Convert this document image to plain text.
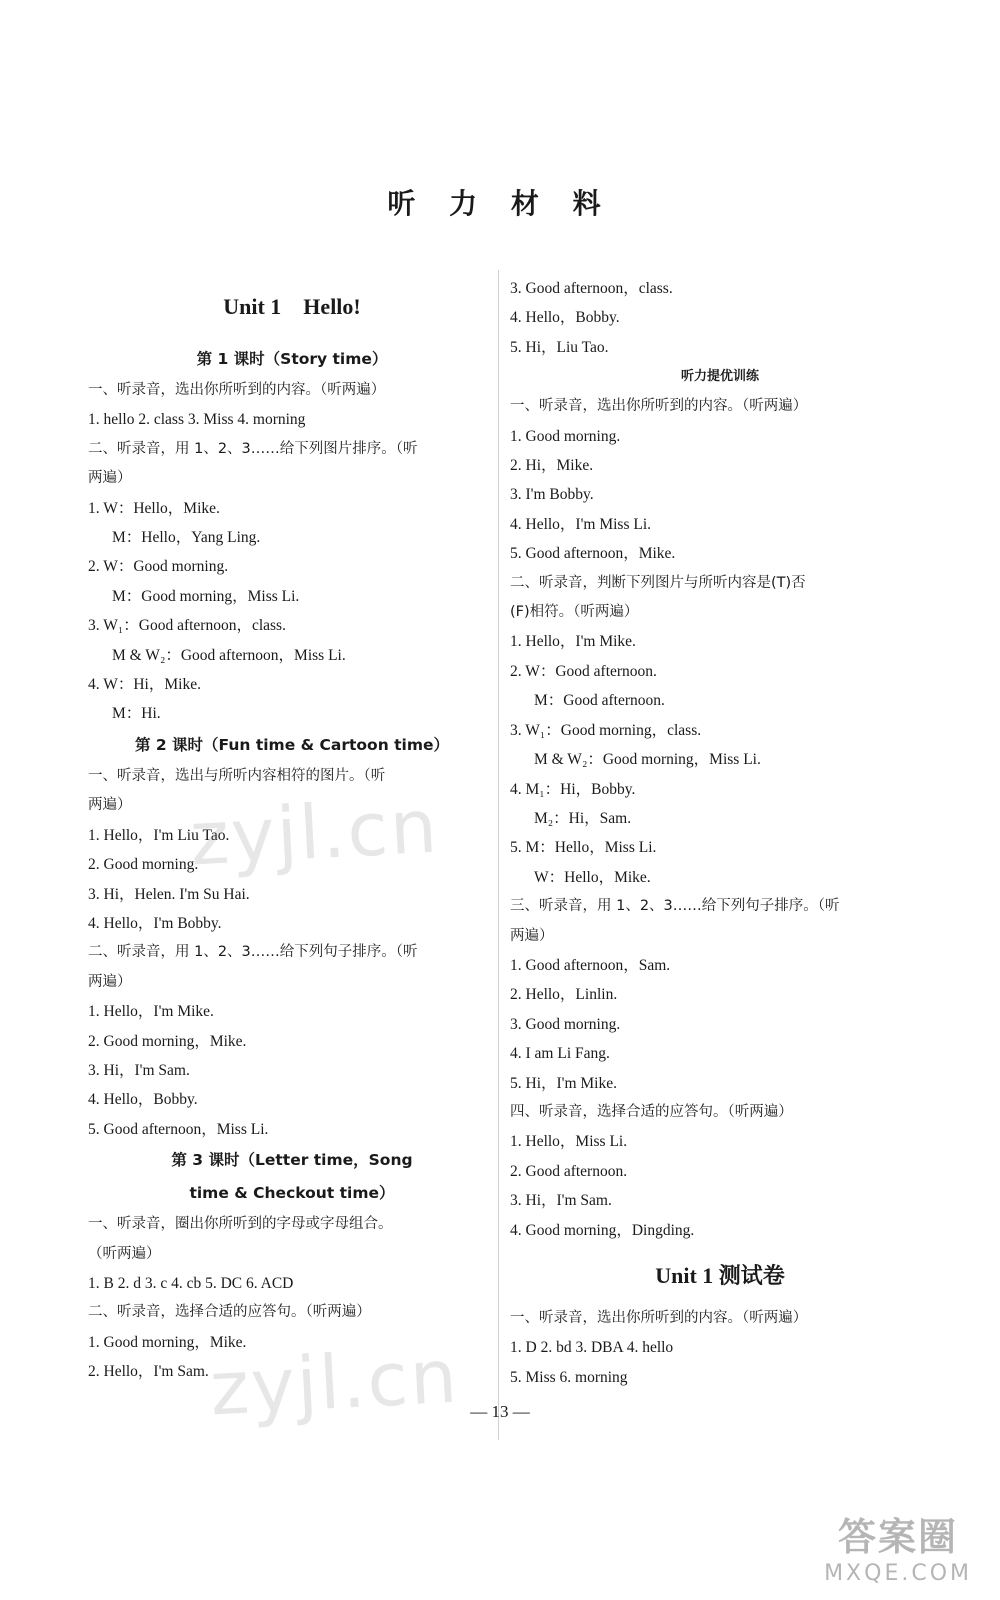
听 力 材 料
Unit 1　Hello!
第 1 课时（Story time）
一、听录音，选出你所听到的内容。（听两遍）
1. hello 2. class 3. Miss 4. morning
二、听录音，用 1、2、3……给下列图片排序。（听
两遍）
1. W：Hello，Mike.
M：Hello，Yang Ling.
2. W：Good morning.
M：Good morning，Miss Li.
3. W₁：Good afternoon，class.
M & W₂：Good afternoon，Miss Li.
4. W：Hi，Mike.
M：Hi.
第 2 课时（Fun time & Cartoon time）
一、听录音，选出与所听内容相符的图片。（听
两遍）
1. Hello，I'm Liu Tao.
2. Good morning.
3. Hi，Helen. I'm Su Hai.
4. Hello，I'm Bobby.
二、听录音，用 1、2、3……给下列句子排序。（听
两遍）
1. Hello，I'm Mike.
2. Good morning，Mike.
3. Hi，I'm Sam.
4. Hello，Bobby.
5. Good afternoon，Miss Li.
第 3 课时（Letter time，Song
time & Checkout time）
一、听录音，圈出你所听到的字母或字母组合。
（听两遍）
1. B 2. d 3. c 4. cb 5. DC 6. ACD
二、听录音，选择合适的应答句。（听两遍）
1. Good morning，Mike.
2. Hello，I'm Sam.
3. Good afternoon，class.
4. Hello，Bobby.
5. Hi，Liu Tao.
听力提优训练
一、听录音，选出你所听到的内容。（听两遍）
1. Good morning.
2. Hi，Mike.
3. I'm Bobby.
4. Hello，I'm Miss Li.
5. Good afternoon，Mike.
二、听录音，判断下列图片与所听内容是(T)否
(F)相符。（听两遍）
1. Hello，I'm Mike.
2. W：Good afternoon.
M：Good afternoon.
3. W₁：Good morning，class.
M & W₂：Good morning，Miss Li.
4. M₁：Hi，Bobby.
M₂：Hi，Sam.
5. M：Hello，Miss Li.
W：Hello，Mike.
三、听录音，用 1、2、3……给下列句子排序。（听
两遍）
1. Good afternoon，Sam.
2. Hello，Linlin.
3. Good morning.
4. I am Li Fang.
5. Hi，I'm Mike.
四、听录音，选择合适的应答句。（听两遍）
1. Hello，Miss Li.
2. Good afternoon.
3. Hi，I'm Sam.
4. Good morning，Dingding.
Unit 1 测试卷
一、听录音，选出你所听到的内容。（听两遍）
1. D 2. bd 3. DBA 4. hello
5. Miss 6. morning
— 13 —
zyjl.cn
zyjl.cn
答案圈
MXQE.COM
